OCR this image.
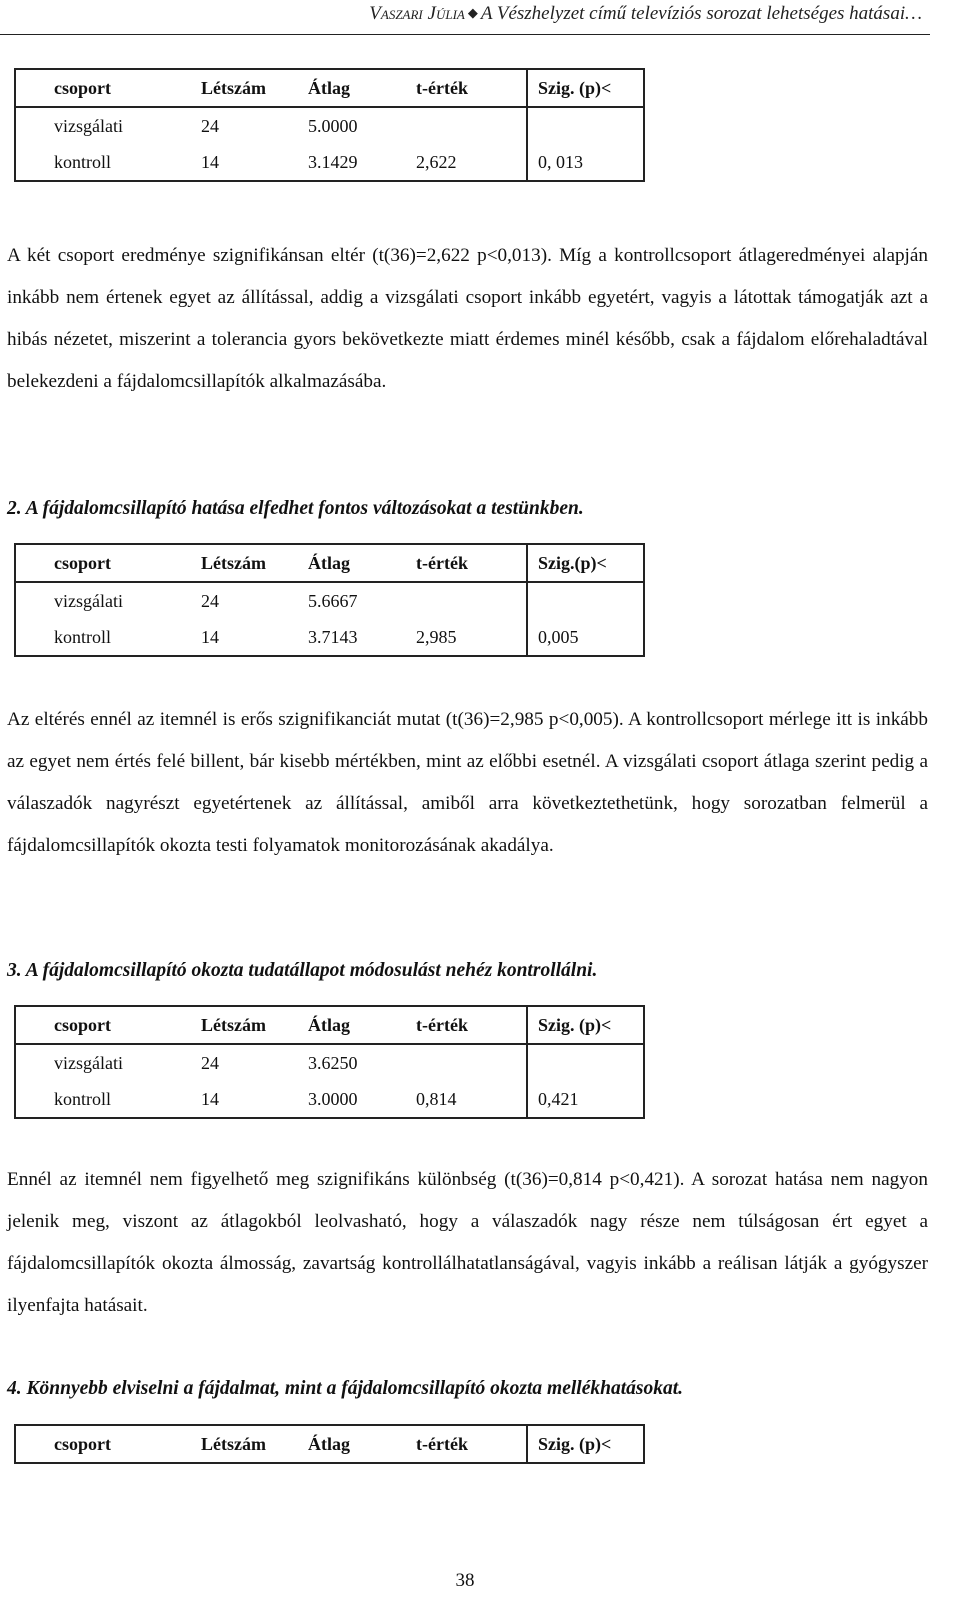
Vaszari Júlia ◆ A Vészhelyzet című televíziós sorozat lehetséges hatásai…
csoport	Létszám	Átlag	t-érték	Szig. (p)<
vizsgálati	24	5.0000		
kontroll	14	3.1429	2,622	0, 013
A két csoport eredménye szignifikánsan eltér (t(36)=2,622 p<0,013). Míg a kontrollcsoport átlageredményei alapján inkább nem értenek egyet az állítással, addig a vizsgálati csoport inkább egyetért, vagyis a látottak támogatják azt a hibás nézetet, miszerint a tolerancia gyors bekövetkezte miatt érdemes minél később, csak a fájdalom előrehaladtával belekezdeni a fájdalomcsillapítók alkalmazásába.
2. A fájdalomcsillapító hatása elfedhet fontos változásokat a testünkben.
csoport	Létszám	Átlag	t-érték	Szig.(p)<
vizsgálati	24	5.6667		
kontroll	14	3.7143	2,985	0,005
Az eltérés ennél az itemnél is erős szignifikanciát mutat (t(36)=2,985 p<0,005). A kontrollcsoport mérlege itt is inkább az egyet nem értés felé billent, bár kisebb mértékben, mint az előbbi esetnél. A vizsgálati csoport átlaga szerint pedig a válaszadók nagyrészt egyetértenek az állítással, amiből arra következtethetünk, hogy sorozatban felmerül a fájdalomcsillapítók okozta testi folyamatok monitorozásának akadálya.
3. A fájdalomcsillapító okozta tudatállapot módosulást nehéz kontrollálni.
csoport	Létszám	Átlag	t-érték	Szig. (p)<
vizsgálati	24	3.6250		
kontroll	14	3.0000	0,814	0,421
Ennél az itemnél nem figyelhető meg szignifikáns különbség (t(36)=0,814 p<0,421). A sorozat hatása nem nagyon jelenik meg, viszont az átlagokból leolvasható, hogy a válaszadók nagy része nem túlságosan ért egyet a fájdalomcsillapítók okozta álmosság, zavartság kontrollálhatatlanságával, vagyis inkább a reálisan látják a gyógyszer ilyenfajta hatásait.
4. Könnyebb elviselni a fájdalmat, mint a fájdalomcsillapító okozta mellékhatásokat.
csoport	Létszám	Átlag	t-érték	Szig. (p)<
38
